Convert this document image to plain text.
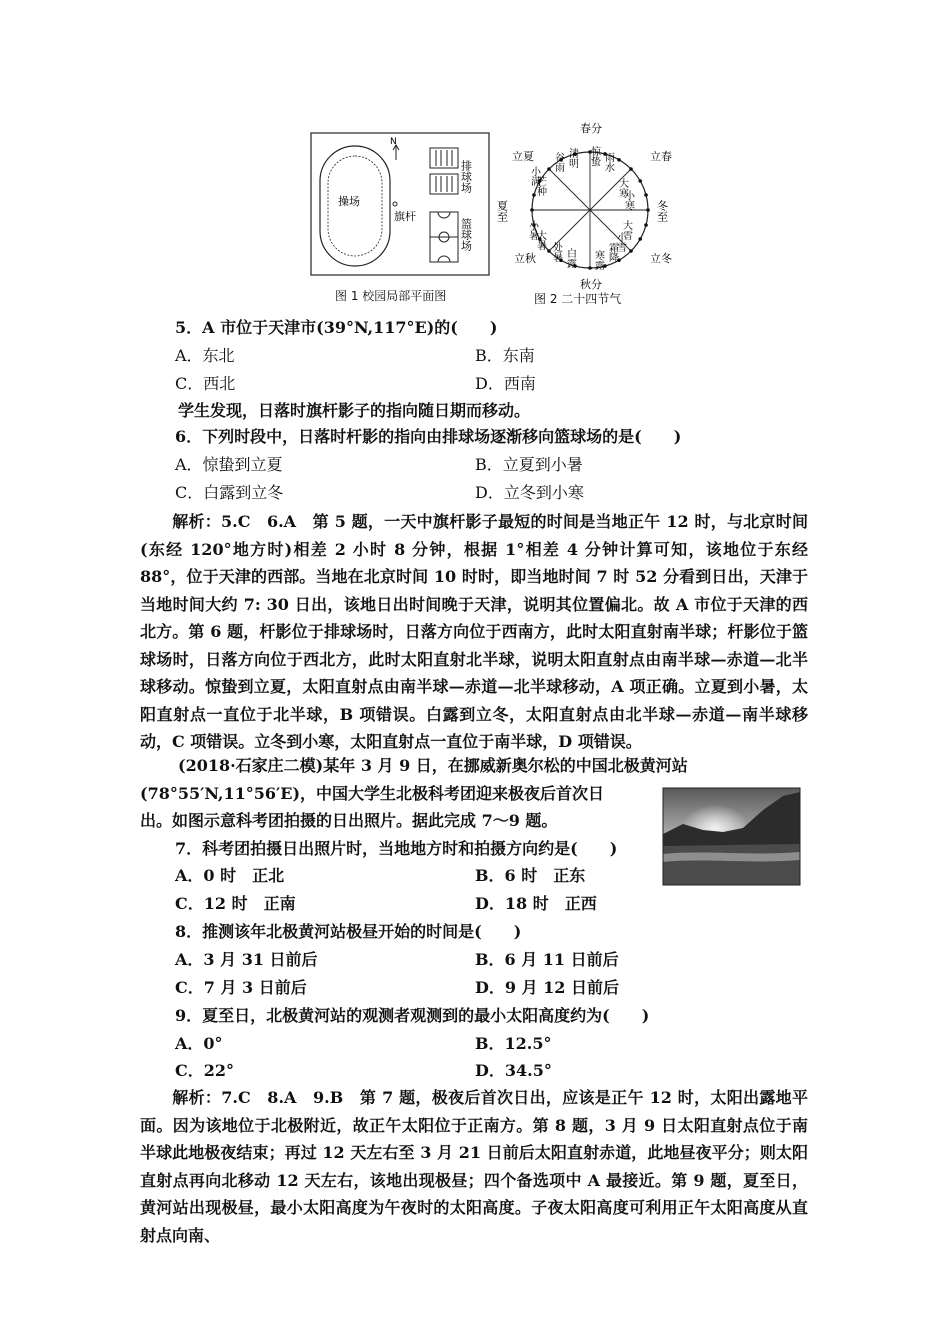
操场
N
旗杆
排球场
篮球场
图 1 校园局部平面图
春分
立春
冬至
立冬
秋分
立秋
夏至
立夏	清明
谷雨	惊蛰 雨水
小满
芒种	大寒
小寒
小暑
大暑	大雪
小雪
处暑 白露 寒露 霜降
图 2 二十四节气
5．A 市位于天津市(39°N,117°E)的(　　)
A．东北	B．东南
C．西北	D．西南
学生发现，日落时旗杆影子的指向随日期而移动。
6．下列时段中，日落时杆影的指向由排球场逐渐移向篮球场的是(　　)
A．惊蛰到立夏	B．立夏到小暑
C．白露到立冬	D．立冬到小寒
解析：5.C　6.A　第 5 题，一天中旗杆影子最短的时间是当地正午 12 时，与北京时间(东经 120°地方时)相差 2 小时 8 分钟，根据 1°相差 4 分钟计算可知，该地位于东经 88°，位于天津的西部。当地在北京时间 10 时时，即当地时间 7 时 52 分看到日出，天津于当地时间大约 7: 30 日出，该地日出时间晚于天津，说明其位置偏北。故 A 市位于天津的西北方。第 6 题，杆影位于排球场时，日落方向位于西南方，此时太阳直射南半球；杆影位于篮球场时，日落方向位于西北方，此时太阳直射北半球，说明太阳直射点由南半球—赤道—北半球移动。惊蛰到立夏，太阳直射点由南半球—赤道—北半球移动，A 项正确。立夏到小暑，太阳直射点一直位于北半球，B 项错误。白露到立冬，太阳直射点由北半球—赤道—南半球移动，C 项错误。立冬到小寒，太阳直射点一直位于南半球，D 项错误。
(2018·石家庄二模)某年 3 月 9 日，在挪威新奥尔松的中国北极黄河站
(78°55′N,11°56′E)，中国大学生北极科考团迎来极夜后首次日
出。如图示意科考团拍摄的日出照片。据此完成 7～9 题。
7．科考团拍摄日出照片时，当地地方时和拍摄方向约是(　　)
A．0 时　正北	B．6 时　正东
C．12 时　正南	D．18 时　正西
8．推测该年北极黄河站极昼开始的时间是(　　)
A．3 月 31 日前后	B．6 月 11 日前后
C．7 月 3 日前后	D．9 月 12 日前后
9．夏至日，北极黄河站的观测者观测到的最小太阳高度约为(　　)
A．0°	B．12.5°
C．22°	D．34.5°
解析：7.C　8.A　9.B　第 7 题，极夜后首次日出，应该是正午 12 时，太阳出露地平面。因为该地位于北极附近，故正午太阳位于正南方。第 8 题，3 月 9 日太阳直射点位于南半球此地极夜结束；再过 12 天左右至 3 月 21 日前后太阳直射赤道，此地昼夜平分；则太阳直射点再向北移动 12 天左右，该地出现极昼；四个备选项中 A 最接近。第 9 题，夏至日，黄河站出现极昼，最小太阳高度为午夜时的太阳高度。子夜太阳高度可利用正午太阳高度从直射点向南、
